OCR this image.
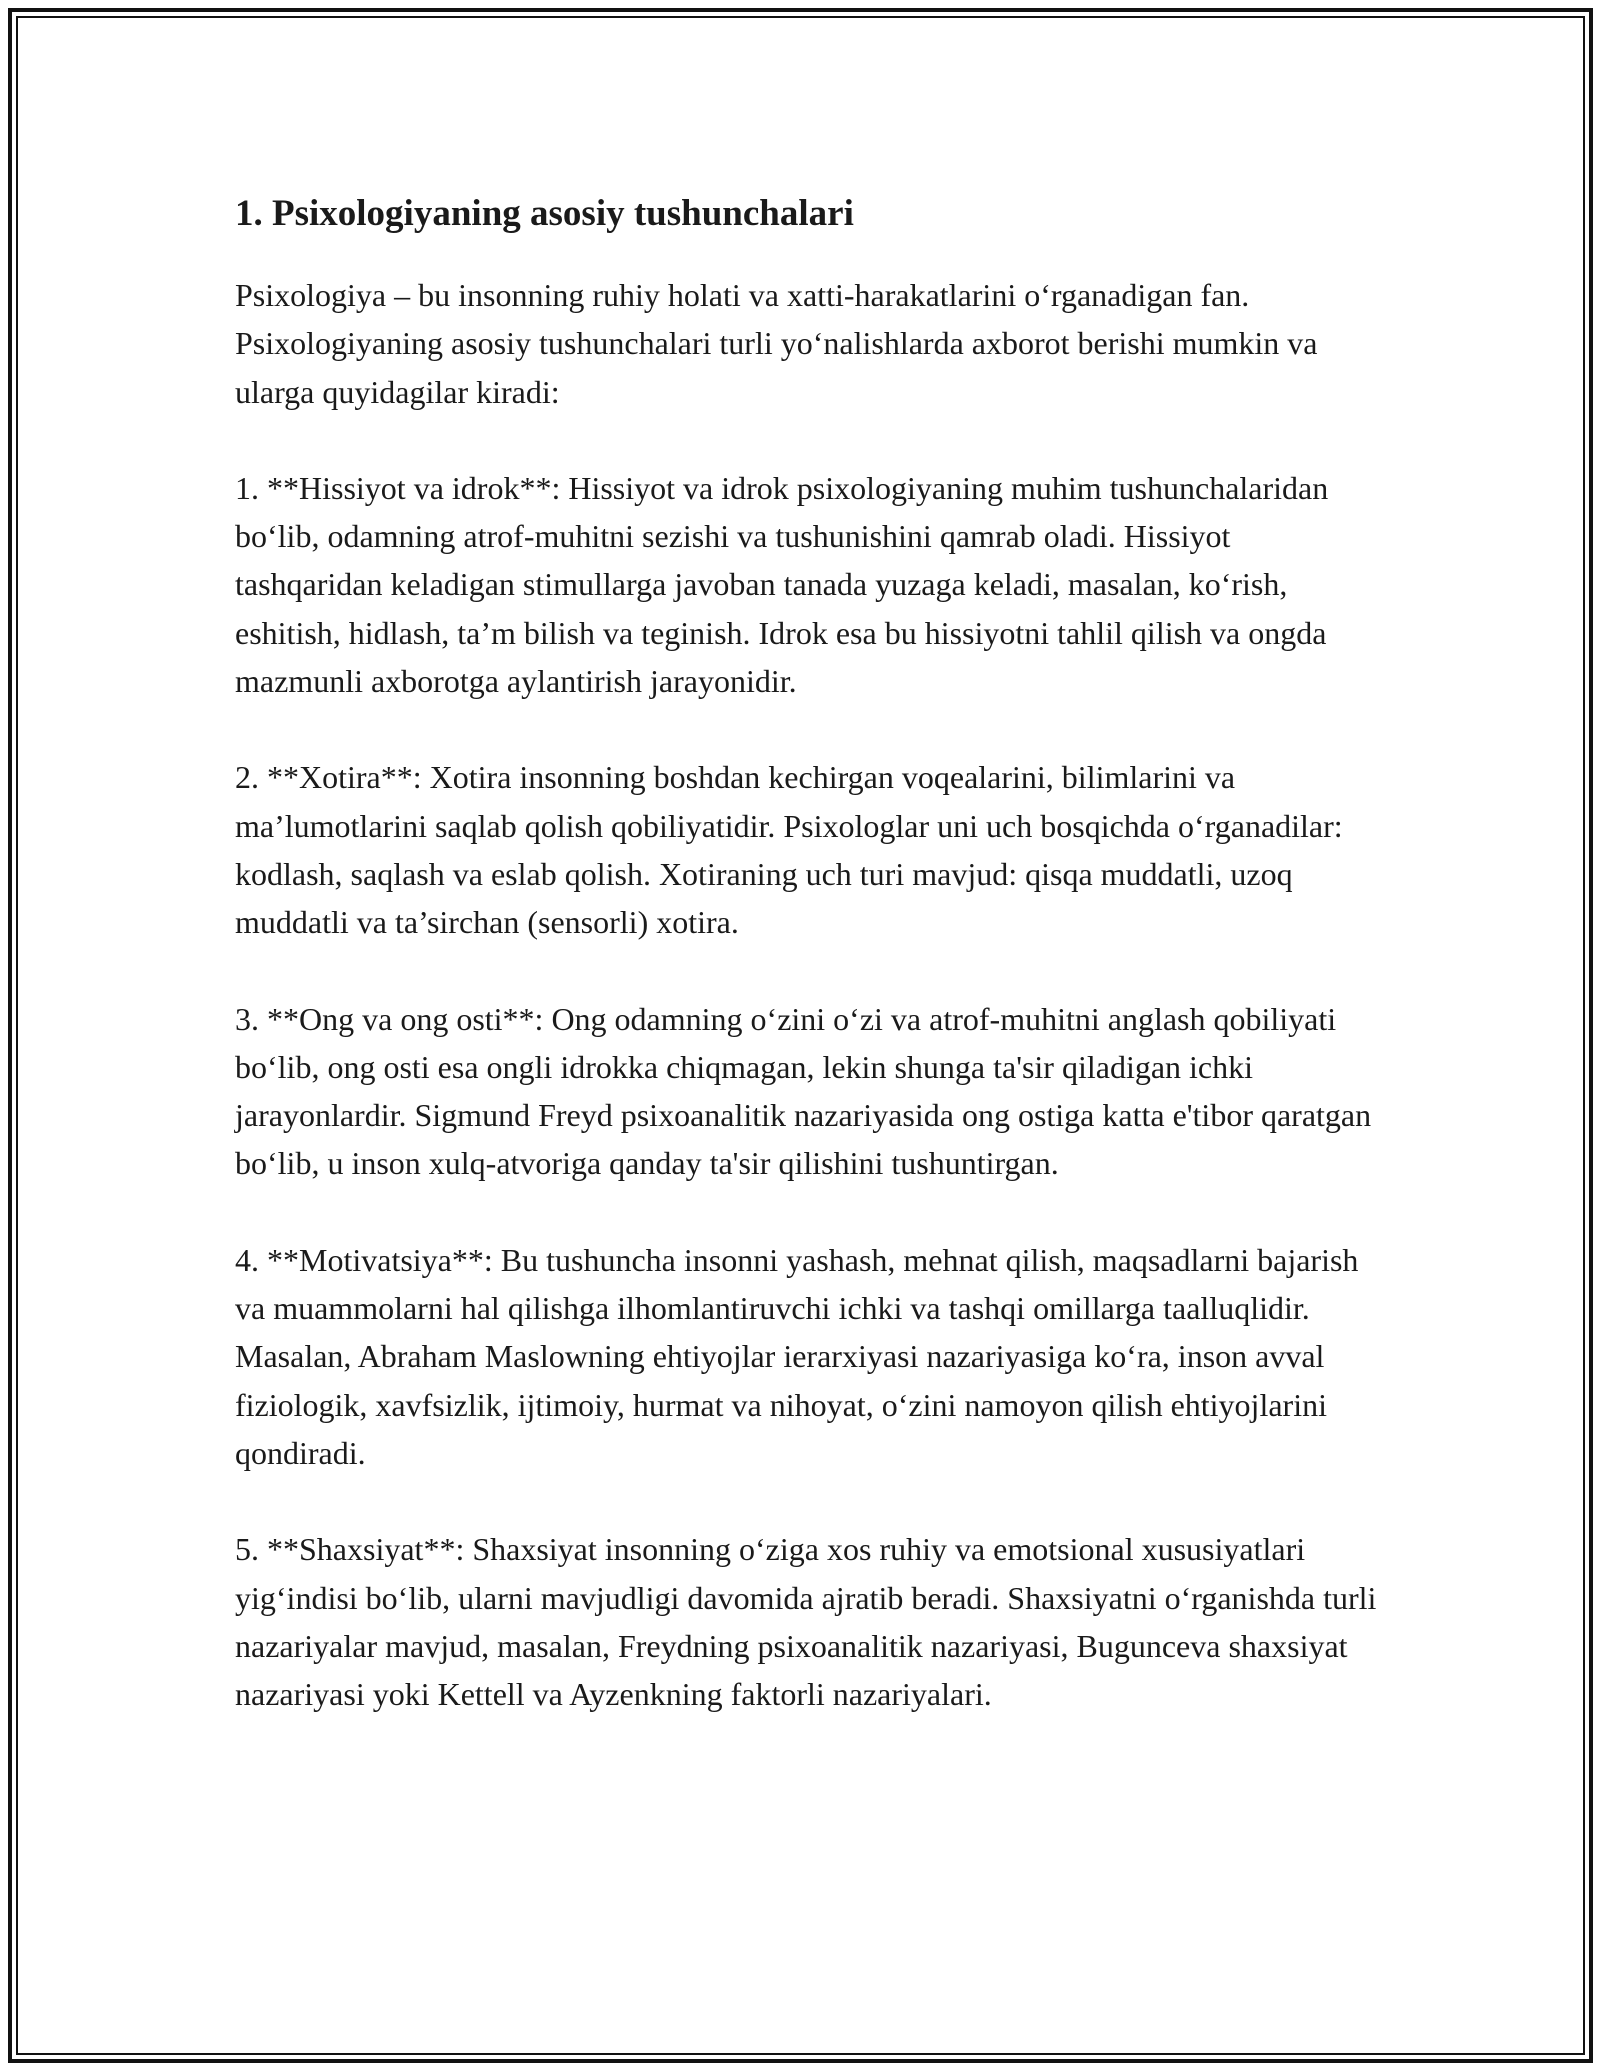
1. Psixologiyaning asosiy tushunchalari

Psixologiya – bu insonning ruhiy holati va xatti-harakatlarini o‘rganadigan fan. Psixologiyaning asosiy tushunchalari turli yo‘nalishlarda axborot berishi mumkin va ularga quyidagilar kiradi:

1. **Hissiyot va idrok**: Hissiyot va idrok psixologiyaning muhim tushunchalaridan bo‘lib, odamning atrof-muhitni sezishi va tushunishini qamrab oladi. Hissiyot tashqaridan keladigan stimullarga javoban tanada yuzaga keladi, masalan, ko‘rish, eshitish, hidlash, ta’m bilish va teginish. Idrok esa bu hissiyotni tahlil qilish va ongda mazmunli axborotga aylantirish jarayonidir.

2. **Xotira**: Xotira insonning boshdan kechirgan voqealarini, bilimlarini va ma’lumotlarini saqlab qolish qobiliyatidir. Psixologlar uni uch bosqichda o‘rganadilar: kodlash, saqlash va eslab qolish. Xotiraning uch turi mavjud: qisqa muddatli, uzoq muddatli va ta’sirchan (sensorli) xotira.

3. **Ong va ong osti**: Ong odamning o‘zini o‘zi va atrof-muhitni anglash qobiliyati bo‘lib, ong osti esa ongli idrokka chiqmagan, lekin shunga ta'sir qiladigan ichki jarayonlardir. Sigmund Freyd psixoanalitik nazariyasida ong ostiga katta e'tibor qaratgan bo‘lib, u inson xulq-atvoriga qanday ta'sir qilishini tushuntirgan.

4. **Motivatsiya**: Bu tushuncha insonni yashash, mehnat qilish, maqsadlarni bajarish va muammolarni hal qilishga ilhomlantiruvchi ichki va tashqi omillarga taalluqlidir. Masalan, Abraham Maslowning ehtiyojlar ierarxiyasi nazariyasiga ko‘ra, inson avval fiziologik, xavfsizlik, ijtimoiy, hurmat va nihoyat, o‘zini namoyon qilish ehtiyojlarini qondiradi.

5. **Shaxsiyat**: Shaxsiyat insonning o‘ziga xos ruhiy va emotsional xususiyatlari yig‘indisi bo‘lib, ularni mavjudligi davomida ajratib beradi. Shaxsiyatni o‘rganishda turli nazariyalar mavjud, masalan, Freydning psixoanalitik nazariyasi, Bugunceva shaxsiyat nazariyasi yoki Kettell va Ayzenkning faktorli nazariyalari.
